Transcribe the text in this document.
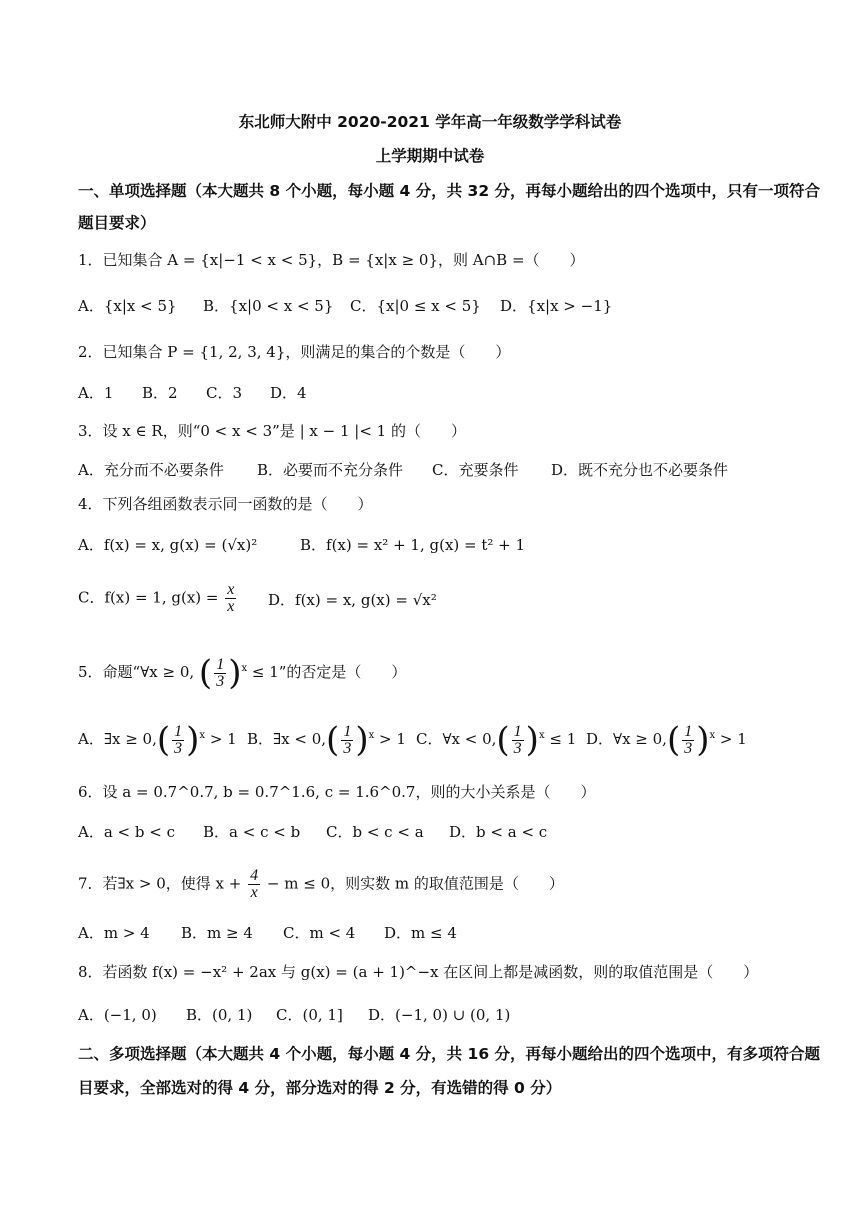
东北师大附中 2020-2021 学年高一年级数学学科试卷
上学期期中试卷
一、单项选择题（本大题共 8 个小题，每小题 4 分，共 32 分，再每小题给出的四个选项中，只有一项符合
题目要求）
1．已知集合 A = {x|−1 < x < 5}，B = {x|x ≥ 0}，则 A∩B =（　　）
A．{x|x < 5} B．{x|0 < x < 5} C．{x|0 ≤ x < 5} D．{x|x > −1}
2．已知集合 P = {1, 2, 3, 4}，则满足的集合的个数是（　　）
A．1 B．2 C．3 D．4
3．设 x ∈ R，则“0 < x < 3”是 | x − 1 |< 1 的（　　）
A．充分而不必要条件 B．必要而不充分条件 C．充要条件 D．既不充分也不必要条件
4．下列各组函数表示同一函数的是（　　）
A．f(x) = x, g(x) = (√x)²	B．f(x) = x² + 1, g(x) = t² + 1
C．f(x) = 1, $g(x) = \frac{x}{x}$ D．f(x) = x, g(x) = √x²
5．命题“∀x ≥ 0, ( $\frac{1}{3} )^x \le 1$”的否定是（　　）
A．∃x ≥ $0,( \frac{1}{3} )^x > 1$ B．∃x < $0,( \frac{1}{3} )^x > 1$ C．∀x < $0,( \frac{1}{3} )^x \le 1$ D．∀x ≥ $0,( \frac{1}{3} )^x > 1$
6．设 a = 0.7^0.7, b = 0.7^1.6, c = 1.6^0.7，则的大小关系是（　　）
A．a < b < c B．a < c < b C．b < c < a D．b < a < c
7．若∃x > 0，使得 $x + \frac{4}{x} - m \le 0$，则实数 m 的取值范围是（　　）
A．m > 4 B．m ≥ 4 C．m < 4 D．m ≤ 4
8．若函数 f(x) = −x² + 2ax 与 g(x) = (a + 1)^−x 在区间上都是减函数，则的取值范围是（　　）
A．(−1, 0) B．(0, 1) C．(0, 1] D．(−1, 0) ∪ (0, 1)
二、多项选择题（本大题共 4 个小题，每小题 4 分，共 16 分，再每小题给出的四个选项中，有多项符合题
目要求，全部选对的得 4 分，部分选对的得 2 分，有选错的得 0 分）
